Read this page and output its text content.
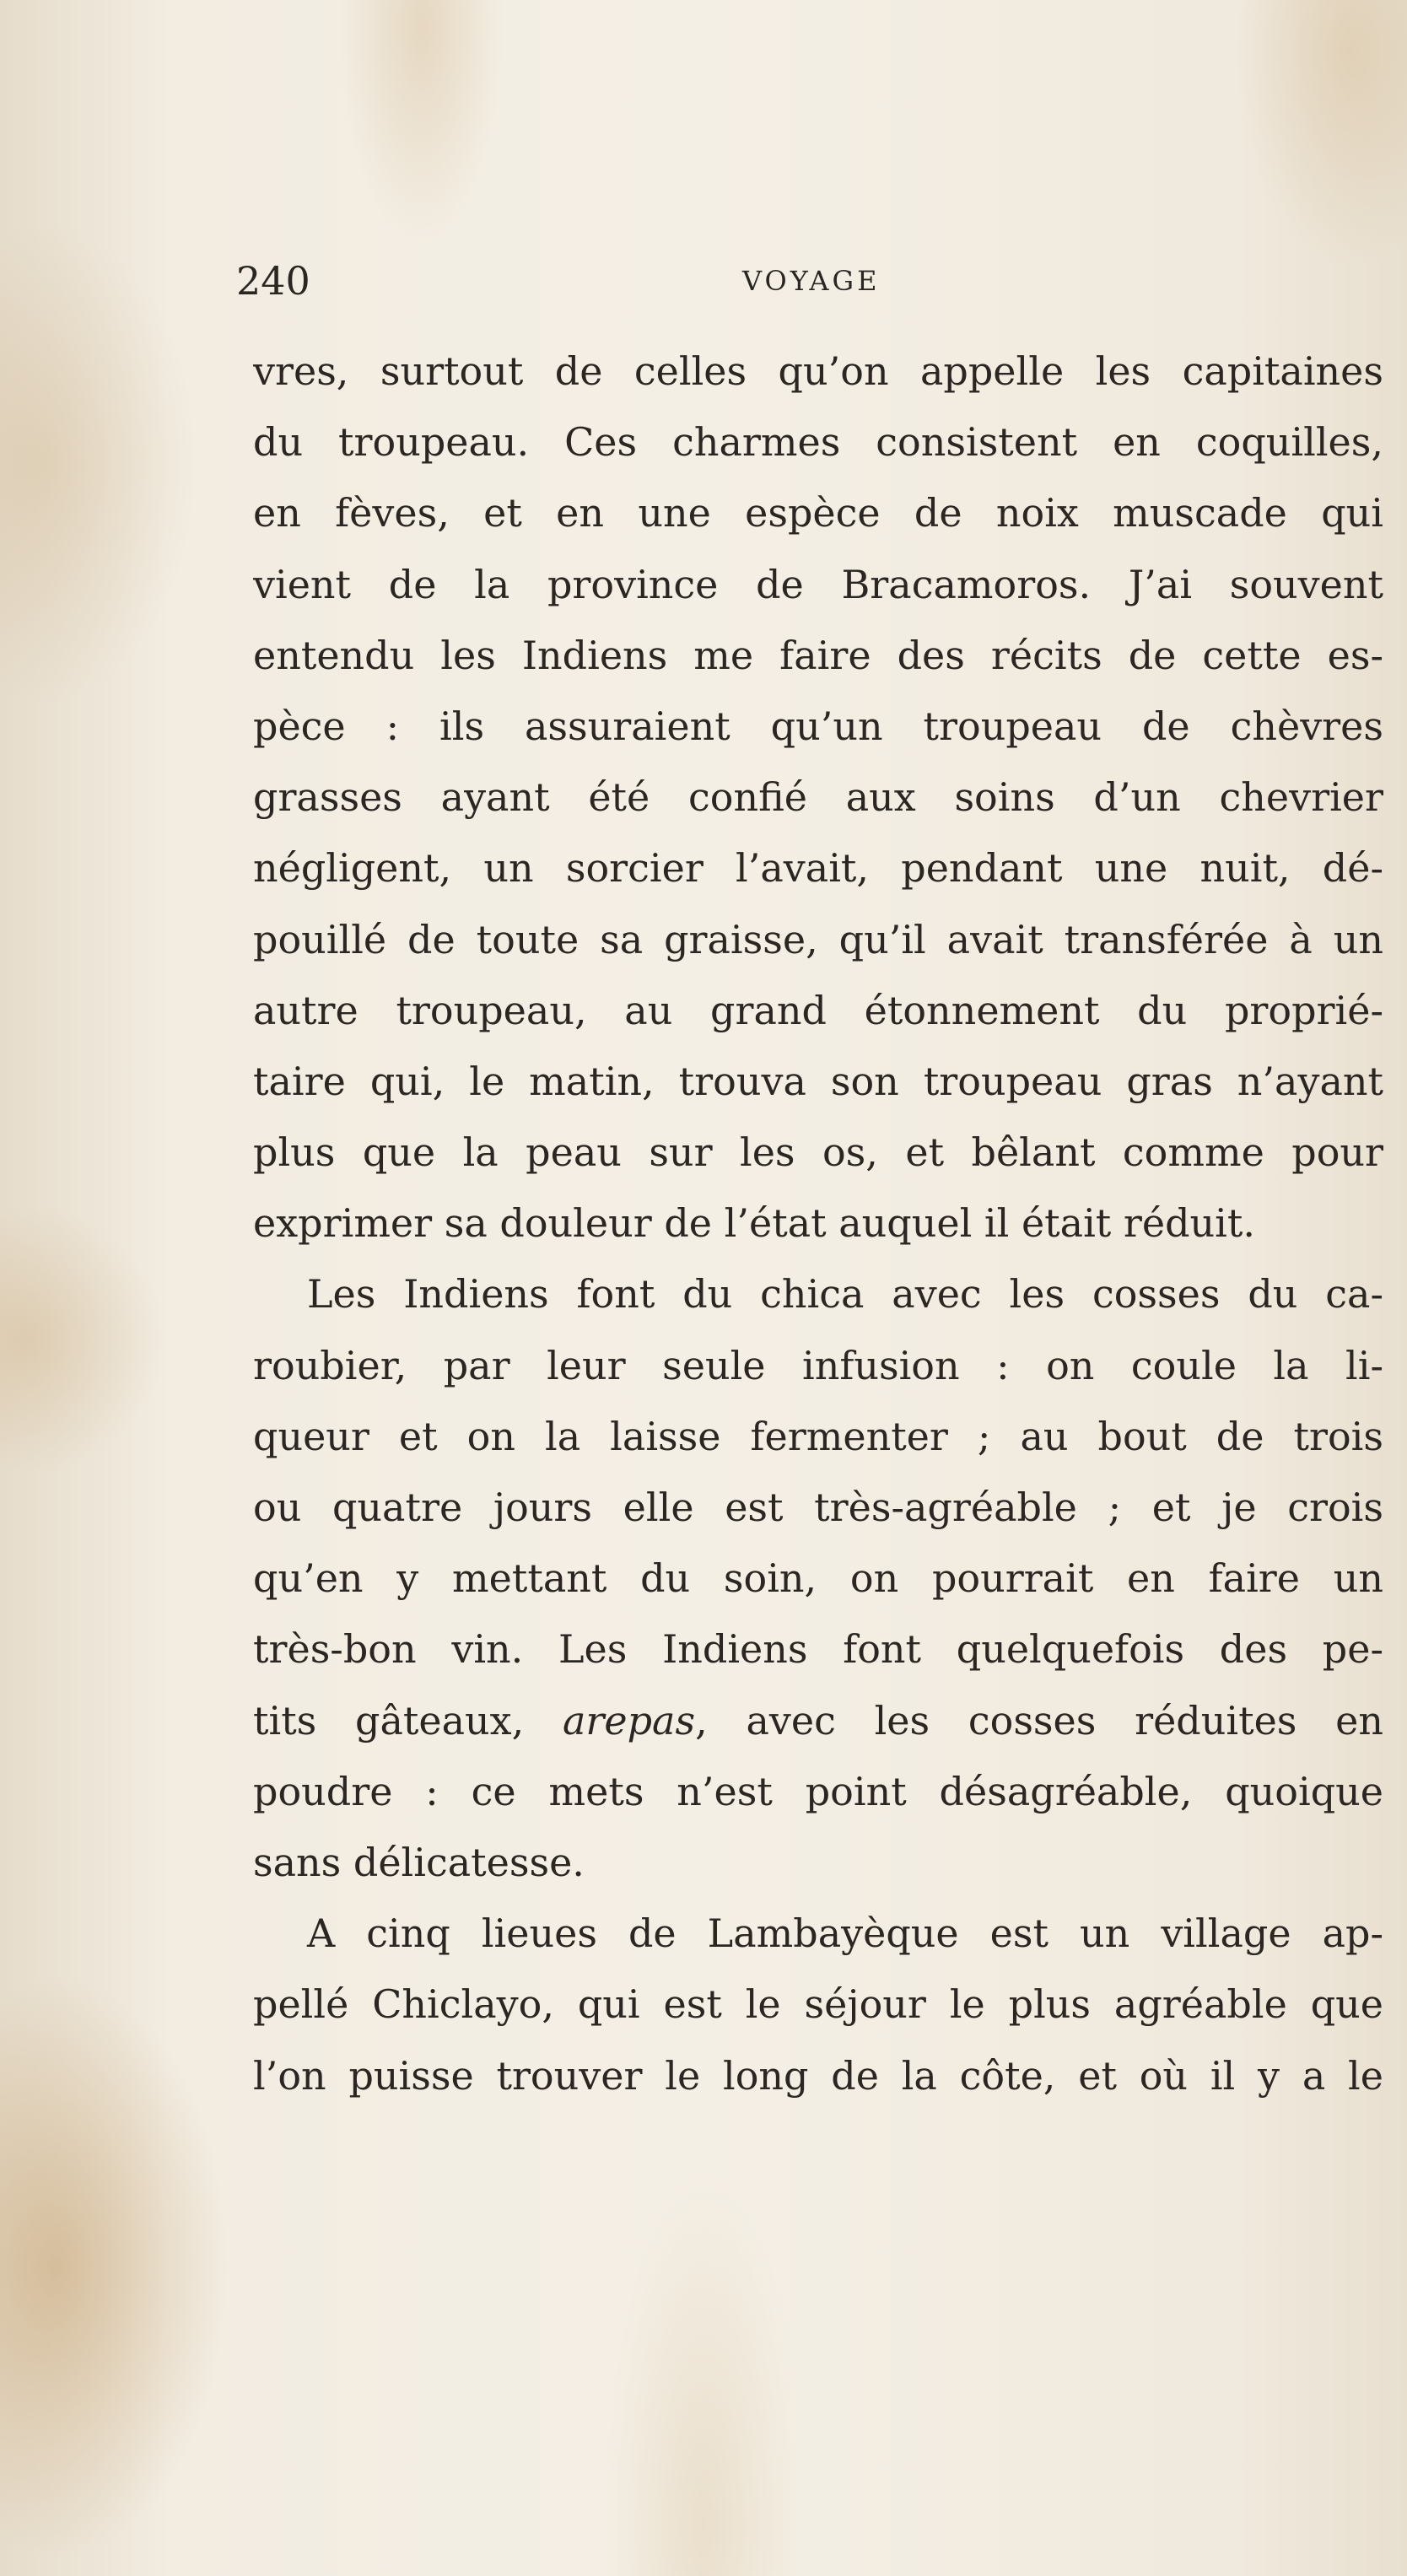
240	VOYAGE
vres, surtout de celles qu’on appelle les capitaines
du troupeau. Ces charmes consistent en coquilles,
en fèves, et en une espèce de noix muscade qui
vient de la province de Bracamoros. J’ai souvent
entendu les Indiens me faire des récits de cette es-
pèce : ils assuraient qu’un troupeau de chèvres
grasses ayant été confié aux soins d’un chevrier
négligent, un sorcier l’avait, pendant une nuit, dé-
pouillé de toute sa graisse, qu’il avait transférée à un
autre troupeau, au grand étonnement du proprié-
taire qui, le matin, trouva son troupeau gras n’ayant
plus que la peau sur les os, et bêlant comme pour
exprimer sa douleur de l’état auquel il était réduit.
Les Indiens font du chica avec les cosses du ca-
roubier, par leur seule infusion : on coule la li-
queur et on la laisse fermenter ; au bout de trois
ou quatre jours elle est très-agréable ; et je crois
qu’en y mettant du soin, on pourrait en faire un
très-bon vin. Les Indiens font quelquefois des pe-
tits gâteaux, arepas, avec les cosses réduites en
poudre : ce mets n’est point désagréable, quoique
sans délicatesse.
A cinq lieues de Lambayèque est un village ap-
pellé Chiclayo, qui est le séjour le plus agréable que
l’on puisse trouver le long de la côte, et où il y a le
